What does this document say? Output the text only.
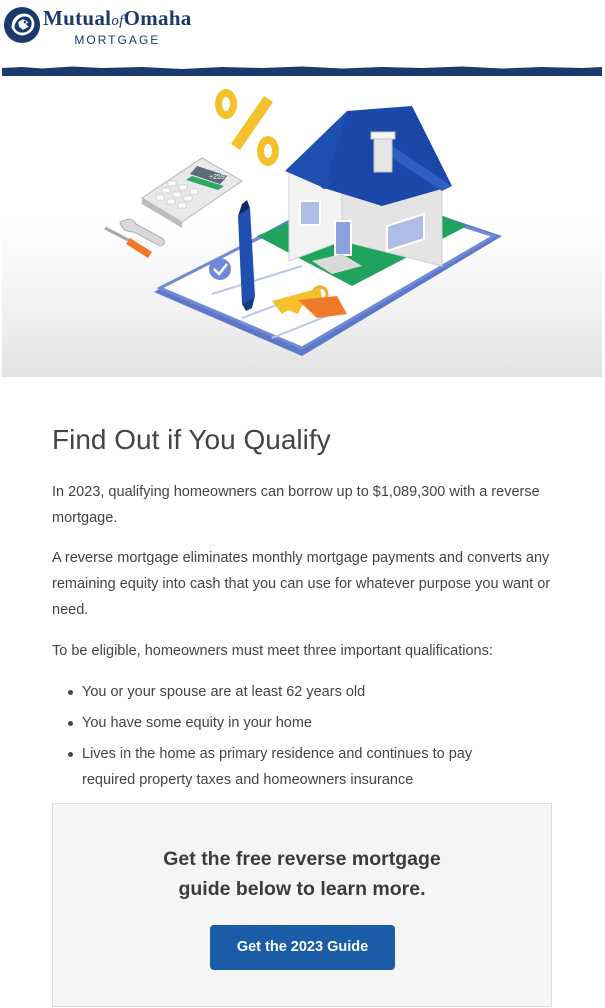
MutualofOmaha
MORTGAGE
+2592
Find Out if You Qualify

In 2023, qualifying homeowners can borrow up to $1,089,300 with a reverse mortgage.

A reverse mortgage eliminates monthly mortgage payments and converts any remaining equity into cash that you can use for whatever purpose you want or need.

To be eligible, homeowners must meet three important qualifications:

You or your spouse are at least 62 years old
You have some equity in your home
Lives in the home as primary residence and continues to pay required property taxes and homeowners insurance
Get the free reverse mortgage
guide below to learn more.
Get the 2023 Guide
